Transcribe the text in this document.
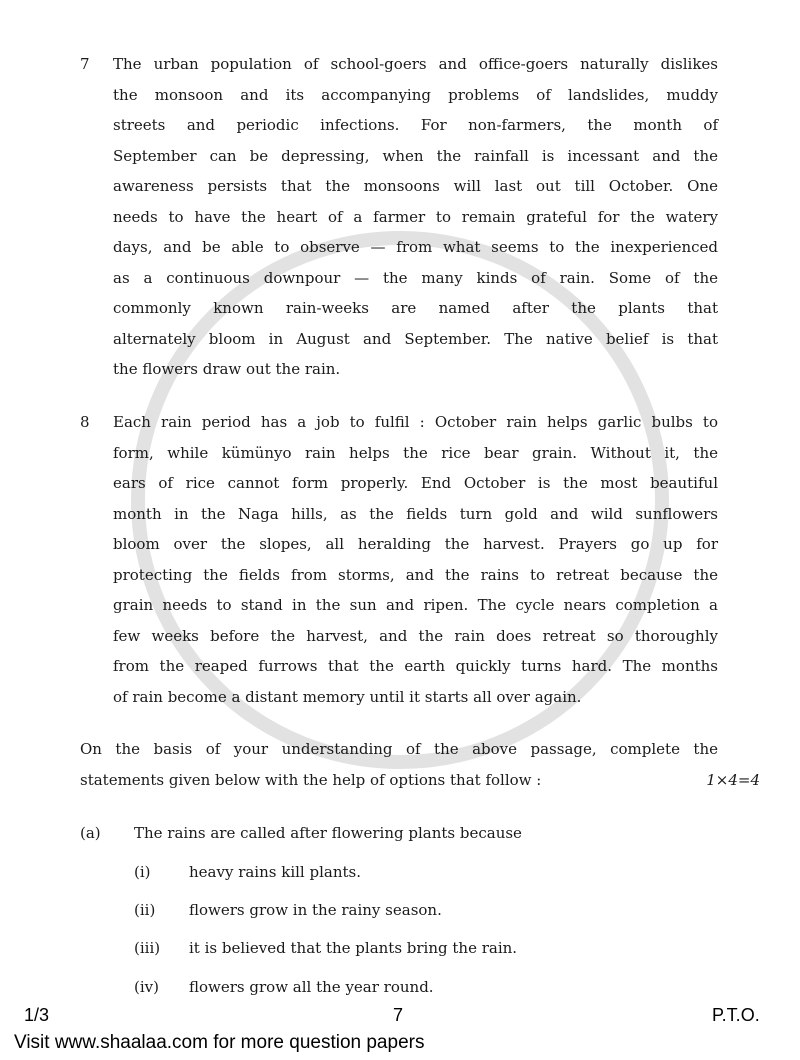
7 The urban population of school-goers and office-goers naturally dislikes
the monsoon and its accompanying problems of landslides, muddy
streets and periodic infections. For non-farmers, the month of
September can be depressing, when the rainfall is incessant and the
awareness persists that the monsoons will last out till October. One
needs to have the heart of a farmer to remain grateful for the watery
days, and be able to observe — from what seems to the inexperienced
as a continuous downpour — the many kinds of rain. Some of the
commonly known rain-weeks are named after the plants that
alternately bloom in August and September. The native belief is that
the flowers draw out the rain.
8 Each rain period has a job to fulfil : October rain helps garlic bulbs to
form, while kümünyo rain helps the rice bear grain. Without it, the
ears of rice cannot form properly. End October is the most beautiful
month in the Naga hills, as the fields turn gold and wild sunflowers
bloom over the slopes, all heralding the harvest. Prayers go up for
protecting the fields from storms, and the rains to retreat because the
grain needs to stand in the sun and ripen. The cycle nears completion a
few weeks before the harvest, and the rain does retreat so thoroughly
from the reaped furrows that the earth quickly turns hard. The months
of rain become a distant memory until it starts all over again.
On the basis of your understanding of the above passage, complete the
statements given below with the help of options that follow :	1×4=4
(a) The rains are called after flowering plants because
(i)	heavy rains kill plants.
(ii) flowers grow in the rainy season.
(iii) it is believed that the plants bring the rain.
(iv) flowers grow all the year round.
1/3	7	P.T.O.
Visit www.shaalaa.com for more question papers
